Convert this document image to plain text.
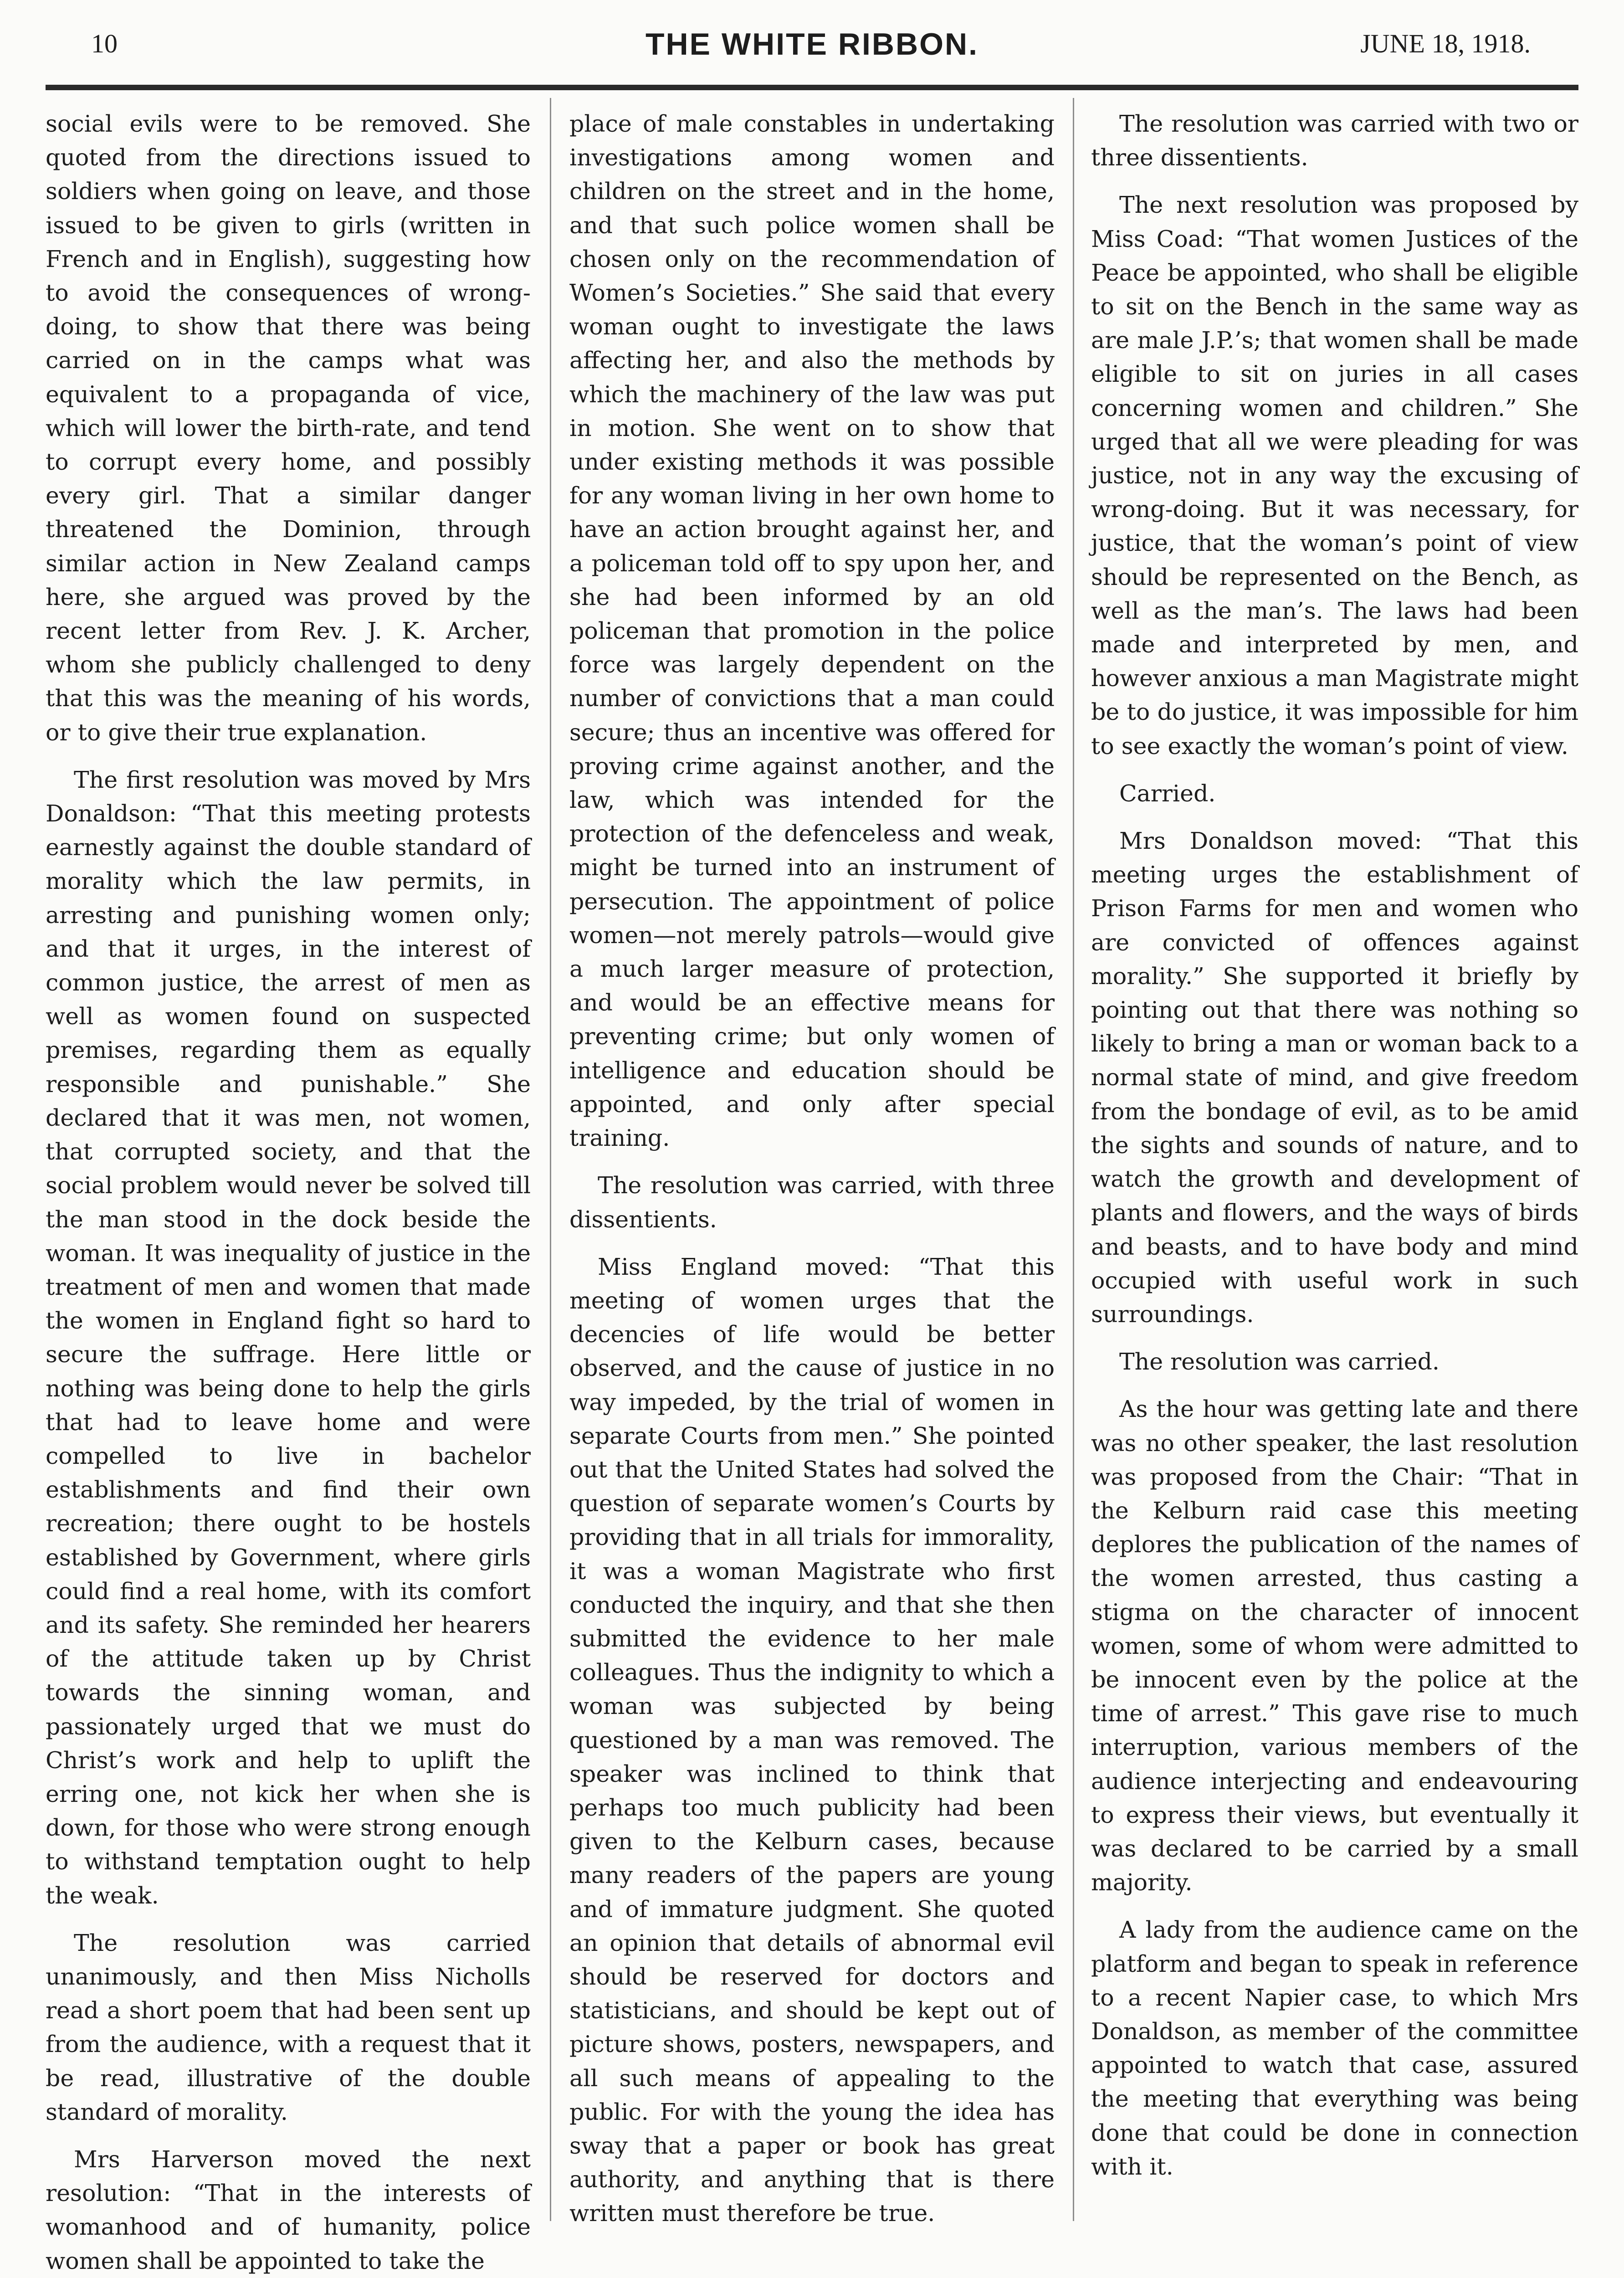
10	THE WHITE RIBBON.	JUNE 18, 1918.

social evils were to be removed. She quoted from the directions issued to soldiers when going on leave, and those issued to be given to girls (written in French and in English), suggesting how to avoid the consequences of wrong-doing, to show that there was being carried on in the camps what was equivalent to a propaganda of vice, which will lower the birth-rate, and tend to corrupt every home, and possibly every girl. That a similar danger threatened the Dominion, through similar action in New Zealand camps here, she argued was proved by the recent letter from Rev. J. K. Archer, whom she publicly challenged to deny that this was the meaning of his words, or to give their true explanation.

The first resolution was moved by Mrs Donaldson: “That this meeting protests earnestly against the double standard of morality which the law permits, in arresting and punishing women only; and that it urges, in the interest of common justice, the arrest of men as well as women found on suspected premises, regarding them as equally responsible and punishable.” She declared that it was men, not women, that corrupted society, and that the social problem would never be solved till the man stood in the dock beside the woman. It was inequality of justice in the treatment of men and women that made the women in England fight so hard to secure the suffrage. Here little or nothing was being done to help the girls that had to leave home and were compelled to live in bachelor establishments and find their own recreation; there ought to be hostels established by Government, where girls could find a real home, with its comfort and its safety. She reminded her hearers of the attitude taken up by Christ towards the sinning woman, and passionately urged that we must do Christ’s work and help to uplift the erring one, not kick her when she is down, for those who were strong enough to withstand temptation ought to help the weak.

The resolution was carried unanimously, and then Miss Nicholls read a short poem that had been sent up from the audience, with a request that it be read, illustrative of the double standard of morality.

Mrs Harverson moved the next resolution: “That in the interests of womanhood and of humanity, police women shall be appointed to take the

place of male constables in undertaking investigations among women and children on the street and in the home, and that such police women shall be chosen only on the recommendation of Women’s Societies.” She said that every woman ought to investigate the laws affecting her, and also the methods by which the machinery of the law was put in motion. She went on to show that under existing methods it was possible for any woman living in her own home to have an action brought against her, and a policeman told off to spy upon her, and she had been informed by an old policeman that promotion in the police force was largely dependent on the number of convictions that a man could secure; thus an incentive was offered for proving crime against another, and the law, which was intended for the protection of the defenceless and weak, might be turned into an instrument of persecution. The appointment of police women—not merely patrols—would give a much larger measure of protection, and would be an effective means for preventing crime; but only women of intelligence and education should be appointed, and only after special training.

The resolution was carried, with three dissentients.

Miss England moved: “That this meeting of women urges that the decencies of life would be better observed, and the cause of justice in no way impeded, by the trial of women in separate Courts from men.” She pointed out that the United States had solved the question of separate women’s Courts by providing that in all trials for immorality, it was a woman Magistrate who first conducted the inquiry, and that she then submitted the evidence to her male colleagues. Thus the indignity to which a woman was subjected by being questioned by a man was removed. The speaker was inclined to think that perhaps too much publicity had been given to the Kelburn cases, because many readers of the papers are young and of immature judgment. She quoted an opinion that details of abnormal evil should be reserved for doctors and statisticians, and should be kept out of picture shows, posters, newspapers, and all such means of appealing to the public. For with the young the idea has sway that a paper or book has great authority, and anything that is there written must therefore be true.

The resolution was carried with two or three dissentients.

The next resolution was proposed by Miss Coad: “That women Justices of the Peace be appointed, who shall be eligible to sit on the Bench in the same way as are male J.P.’s; that women shall be made eligible to sit on juries in all cases concerning women and children.” She urged that all we were pleading for was justice, not in any way the excusing of wrong-doing. But it was necessary, for justice, that the woman’s point of view should be represented on the Bench, as well as the man’s. The laws had been made and interpreted by men, and however anxious a man Magistrate might be to do justice, it was impossible for him to see exactly the woman’s point of view.

Carried.

Mrs Donaldson moved: “That this meeting urges the establishment of Prison Farms for men and women who are convicted of offences against morality.” She supported it briefly by pointing out that there was nothing so likely to bring a man or woman back to a normal state of mind, and give freedom from the bondage of evil, as to be amid the sights and sounds of nature, and to watch the growth and development of plants and flowers, and the ways of birds and beasts, and to have body and mind occupied with useful work in such surroundings.

The resolution was carried.

As the hour was getting late and there was no other speaker, the last resolution was proposed from the Chair: “That in the Kelburn raid case this meeting deplores the publication of the names of the women arrested, thus casting a stigma on the character of innocent women, some of whom were admitted to be innocent even by the police at the time of arrest.” This gave rise to much interruption, various members of the audience interjecting and endeavouring to express their views, but eventually it was declared to be carried by a small majority.

A lady from the audience came on the platform and began to speak in reference to a recent Napier case, to which Mrs Donaldson, as member of the committee appointed to watch that case, assured the meeting that everything was being done that could be done in connection with it.
